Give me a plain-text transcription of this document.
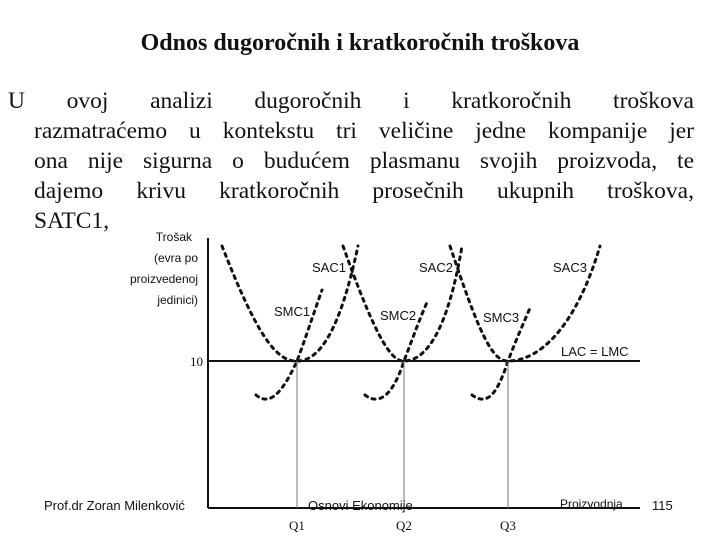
Odnos dugoročnih i kratkoročnih troškova
U ovoj analizi dugoročnih i kratkoročnih troškova
razmatraćemo u kontekstu tri veličine jedne kompanije jer
ona nije sigurna o budućem plasmanu svojih proizvoda, te
dajemo krivu kratkoročnih prosečnih ukupnih troškova,
SATC1,
Trošak
(evra po
proizvedenoj
jedinici)
10
SAC1	SAC2	SAC3
SMC1	SMC2	SMC3
LAC = LMC
Q1	Q2	Q3
Proizvodnja
Prof.dr Zoran Milenković	Osnovi Ekonomije	115
